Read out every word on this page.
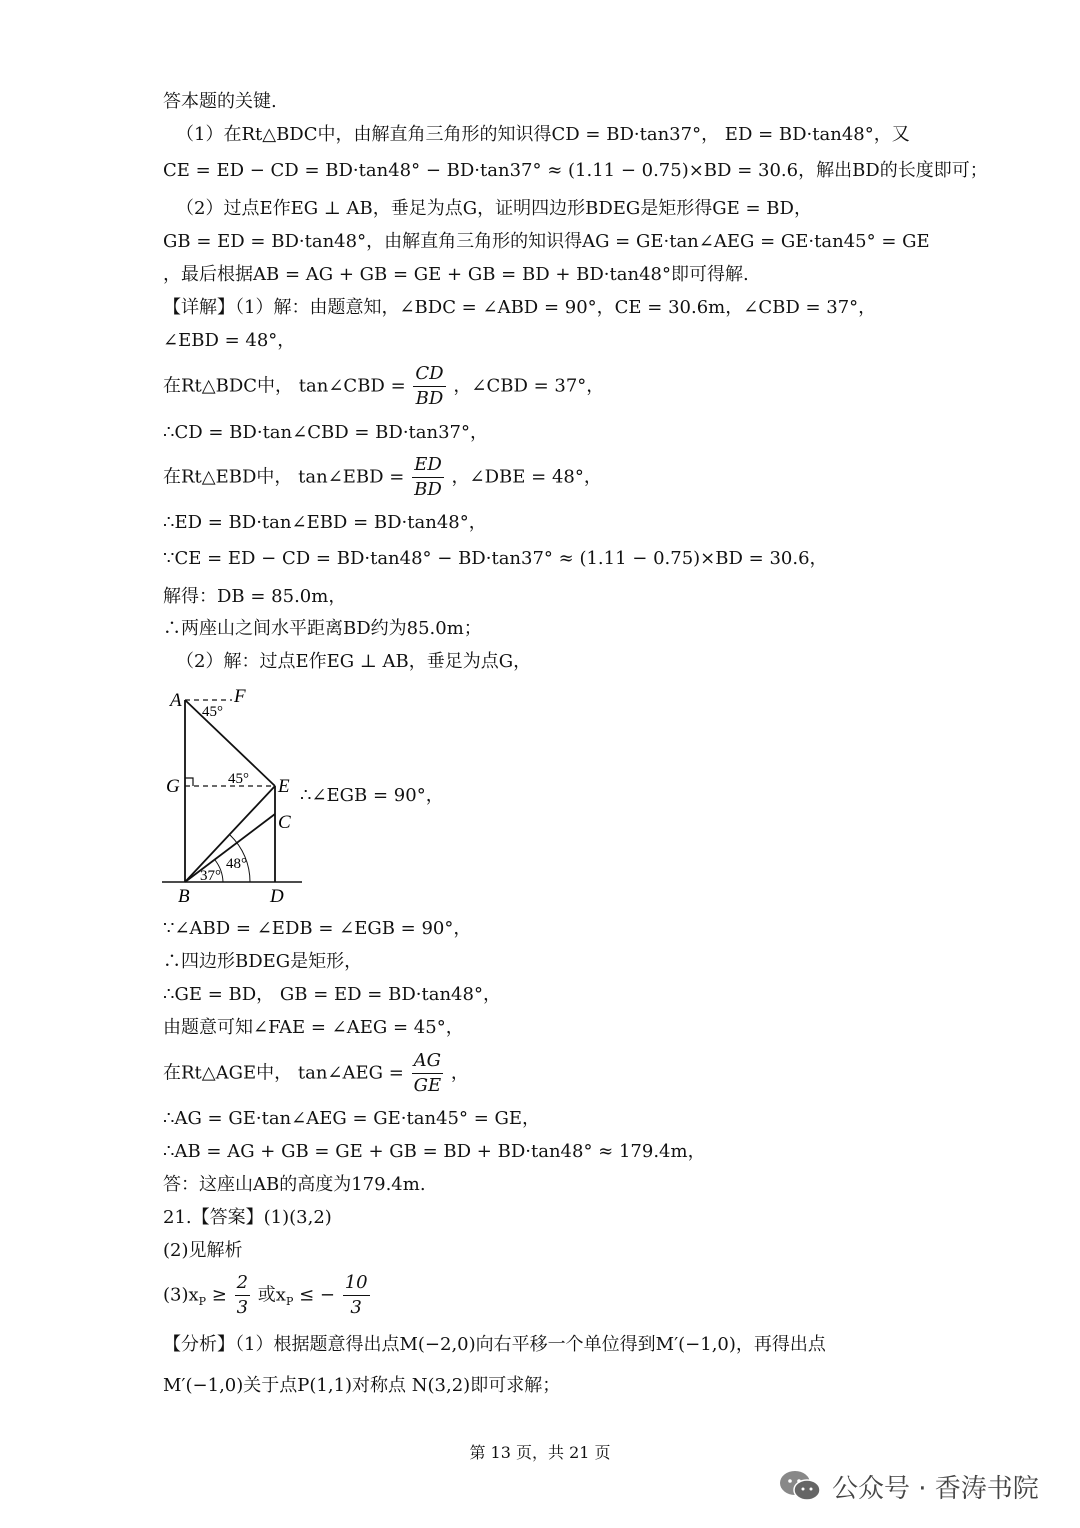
答本题的关键.
（1）在Rt△BDC中，由解直角三角形的知识得CD = BD·tan37°， ED = BD·tan48°，又
CE = ED − CD = BD·tan48° − BD·tan37° ≈ (1.11 − 0.75)×BD = 30.6，解出BD的长度即可；
（2）过点E作EG ⊥ AB，垂足为点G，证明四边形BDEG是矩形得GE = BD，
GB = ED = BD·tan48°，由解直角三角形的知识得AG = GE·tan∠AEG = GE·tan45° = GE
，最后根据AB = AG + GB = GE + GB = BD + BD·tan48°即可得解.
【详解】（1）解：由题意知，∠BDC = ∠ABD = 90°，CE = 30.6m，∠CBD = 37°，
∠EBD = 48°，
在Rt△BDC中， tan∠CBD = $\frac{CD}{BD}$ ，∠CBD = 37°，
∴CD = BD·tan∠CBD = BD·tan37°，
在Rt△EBD中， tan∠EBD = $\frac{ED}{BD}$ ，∠DBE = 48°，
∴ED = BD·tan∠EBD = BD·tan48°，
∵CE = ED − CD = BD·tan48° − BD·tan37° ≈ (1.11 − 0.75)×BD = 30.6，
解得：DB = 85.0m，
∴两座山之间水平距离BD约为85.0m；
（2）解：过点E作EG ⊥ AB，垂足为点G，
A	F
45°
G	45° E
C
48°
37°
B	D
∴∠EGB = 90°，
∵∠ABD = ∠EDB = ∠EGB = 90°，
∴四边形BDEG是矩形，
∴GE = BD， GB = ED = BD·tan48°，
由题意可知∠FAE = ∠AEG = 45°，
在Rt△AGE中， tan∠AEG = $\frac{AG}{GE}$ ，
∴AG = GE·tan∠AEG = GE·tan45° = GE，
∴AB = AG + GB = GE + GB = BD + BD·tan48° ≈ 179.4m，
答：这座山AB的高度为179.4m.
21.【答案】(1)(3,2)
(2)见解析
$(3)x_P \ge \frac{2}{3}$ 或$x_P$ ≤ − $\frac{10}{3}$
【分析】（1）根据题意得出点M(−2,0)向右平移一个单位得到M′(−1,0)，再得出点
M′(−1,0)关于点P(1,1)对称点 N(3,2)即可求解；
第 13 页，共 21 页
公众号 · 香涛书院
